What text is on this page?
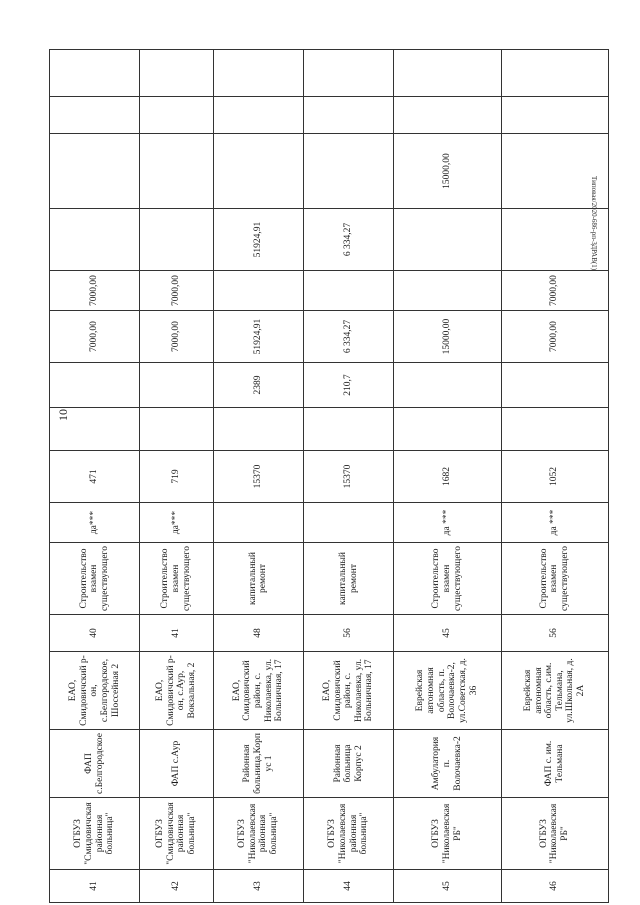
10
Типовая/2020-686-рп-ЗДРАВ(1)
41	ОГБУЗ "Смидовичская районная больница"	ФАП с.Белгородское	ЕАО, Смидовичский р-он, с.Белгородское, Шоссейная 2	40	Строительство взамен существующего	да***	471			7000,00	7000,00				
42	ОГБУЗ "Смидовичская районная больница"	ФАП с.Аур	ЕАО, Смидовичский р-он, с.Аур, Вокзальная, 2	41	Строительство взамен существующего	да***	719			7000,00	7000,00				
43	ОГБУЗ "Николаевская районная больница"	Районная больница,Корпус 1	ЕАО, Смидовичский район, с. Николаевка, ул. Больничная, 17	48	капитальный ремонт		15370		2389	51924,91		51924,91			
44	ОГБУЗ "Николаевская районная больница"	Районная больница Корпус 2	ЕАО, Смидовичский район, с. Николаевка, ул. Больничная, 17	56	капитальный ремонт		15370		210,7	6 334,27		6 334,27			
45	ОГБУЗ "Николаевская РБ"	Амбулатория п. Волочаевка-2	Еврейская автономная область, п. Волочаевка-2, ул.Советская, д. 36	45	Строительство взамен существующего	да ***	1682			15000,00			15000,00		
46	ОГБУЗ "Николаевская РБ"	ФАП с. им. Тельмана	Еврейская автономная область, с.им. Тельмана, ул.Школьная, д. 2А	56	Строительство взамен существующего	да ***	1052			7000,00	7000,00				
